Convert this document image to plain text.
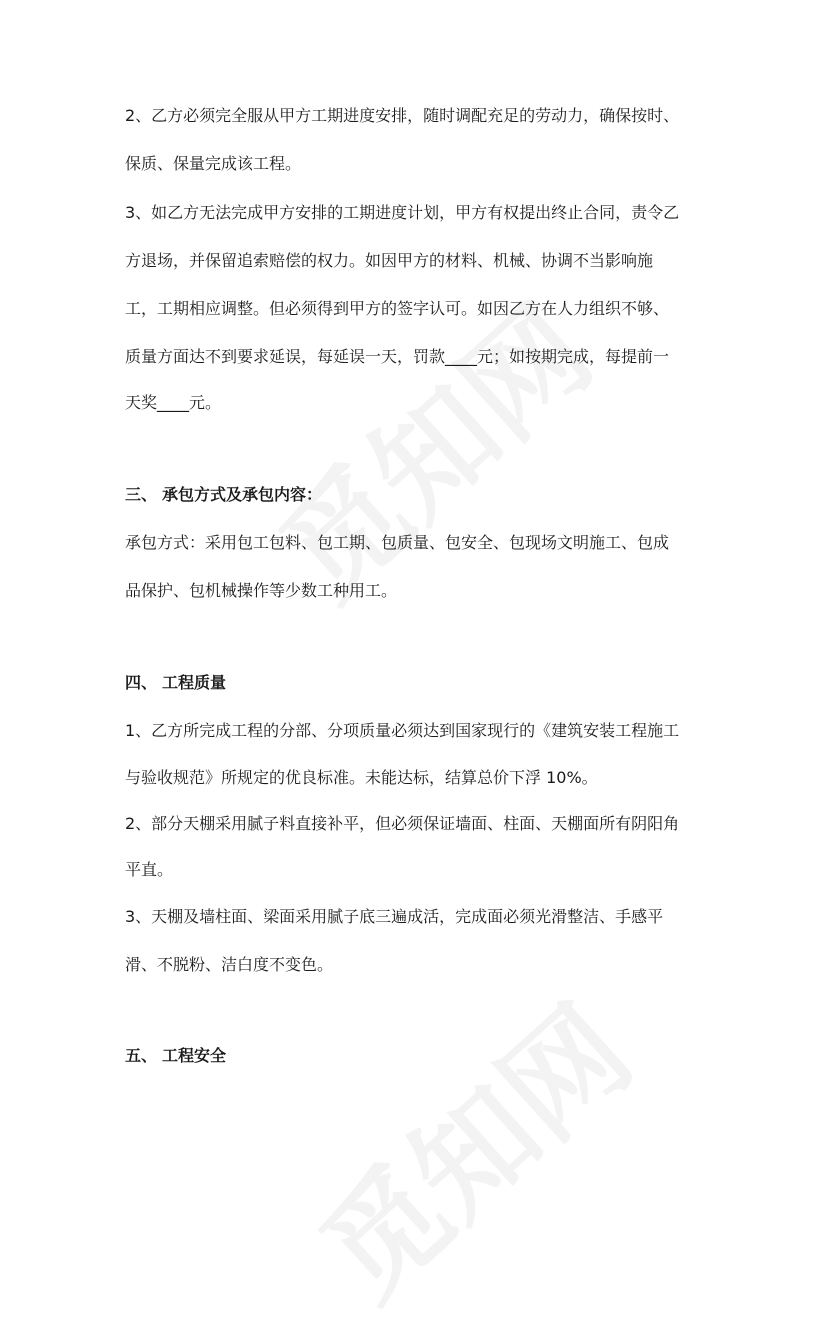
2、乙方必须完全服从甲方工期进度安排，随时调配充足的劳动力，确保按时、
保质、保量完成该工程。
3、如乙方无法完成甲方安排的工期进度计划，甲方有权提出终止合同，责令乙
方退场，并保留追索赔偿的权力。如因甲方的材料、机械、协调不当影响施
工，工期相应调整。但必须得到甲方的签字认可。如因乙方在人力组织不够、
质量方面达不到要求延误，每延误一天，罚款____元；如按期完成，每提前一
天奖____元。
三、 承包方式及承包内容：
承包方式：采用包工包料、包工期、包质量、包安全、包现场文明施工、包成
品保护、包机械操作等少数工种用工。
四、 工程质量
1、乙方所完成工程的分部、分项质量必须达到国家现行的《建筑安装工程施工
与验收规范》所规定的优良标准。未能达标，结算总价下浮 10%。
2、部分天棚采用腻子料直接补平，但必须保证墙面、柱面、天棚面所有阴阳角
平直。
3、天棚及墙柱面、梁面采用腻子底三遍成活，完成面必须光滑整洁、手感平
滑、不脱粉、洁白度不变色。
五、 工程安全
